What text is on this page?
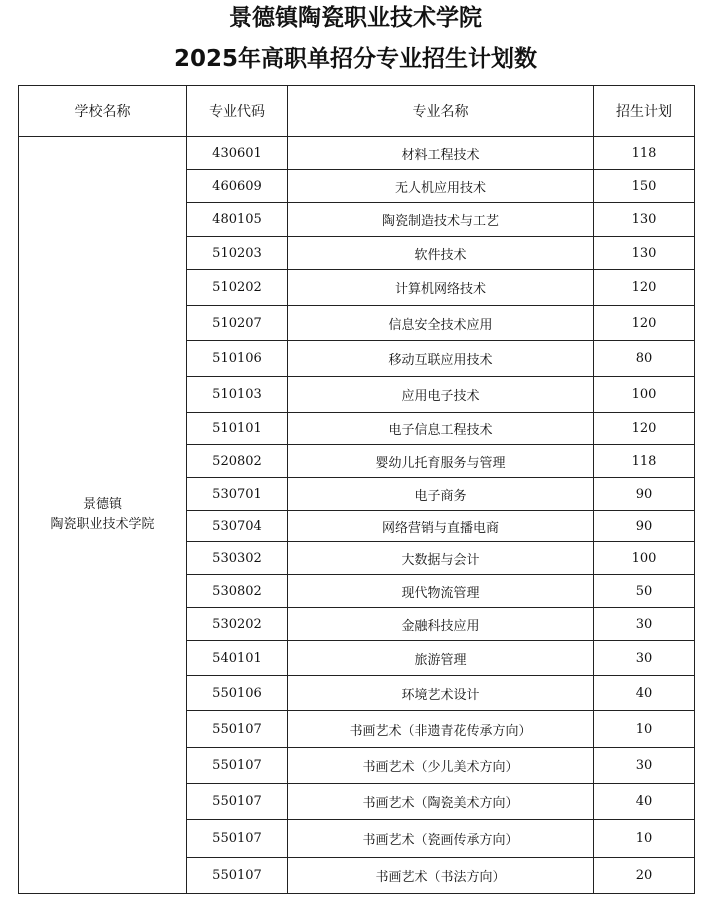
景德镇陶瓷职业技术学院
2025年高职单招分专业招生计划数
学校名称	专业代码	专业名称	招生计划

景德镇
陶瓷职业技术学院	430601	材料工程技术	118
	460609	无人机应用技术	150
	480105	陶瓷制造技术与工艺	130
	510203	软件技术	130
	510202	计算机网络技术	120
	510207	信息安全技术应用	120
	510106	移动互联应用技术	80
	510103	应用电子技术	100
	510101	电子信息工程技术	120
	520802	婴幼儿托育服务与管理	118
	530701	电子商务	90
	530704	网络营销与直播电商	90
	530302	大数据与会计	100
	530802	现代物流管理	50
	530202	金融科技应用	30
	540101	旅游管理	30
	550106	环境艺术设计	40
	550107	书画艺术（非遗青花传承方向）	10
	550107	书画艺术（少儿美术方向）	30
	550107	书画艺术（陶瓷美术方向）	40
	550107	书画艺术（瓷画传承方向）	10
	550107	书画艺术（书法方向）	20
